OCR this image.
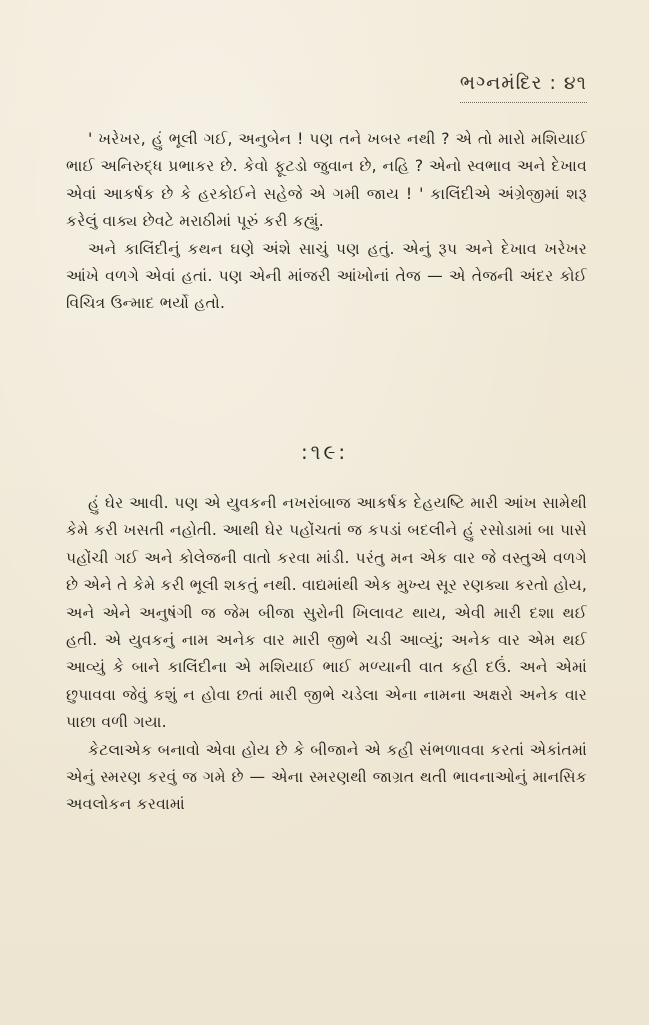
ભગ્નમંદિર : ૪૧

' ખરેખર, હું ભૂલી ગઈ, અનુબેન ! પણ તને ખબર નથી ? એ તો મારો મશિયાઈ ભાઈ અનિરુદ્ધ પ્રભાકર છે. કેવો ફૂટડો જુવાન છે, નહિ ? એનો સ્વભાવ અને દેખાવ એવાં આકર્ષક છે કે હરકોઈને સહેજે એ ગમી જાય ! ' કાલિંદીએ અંગ્રેજીમાં શરૂ કરેલું વાક્ય છેવટે મરાઠીમાં પૂરું કરી કહ્યું.

અને કાલિંદીનું કથન ઘણે અંશે સાચું પણ હતું. એનું રૂપ અને દેખાવ ખરેખર આંખે વળગે એવાં હતાં. પણ એની માંજરી આંખોનાં તેજ — એ તેજની અંદર કોઈ વિચિત્ર ઉન્માદ ભર્યો હતો.

:૧૯:

હું ઘેર આવી. પણ એ યુવકની નખરાંબાજ આકર્ષક દેહયષ્ટિ મારી આંખ સામેથી કેમે કરી ખસતી નહોતી. આથી ઘેર પહોંચતાં જ કપડાં બદલીને હું રસોડામાં બા પાસે પહોંચી ગઈ અને કોલેજની વાતો કરવા માંડી. પરંતુ મન એક વાર જે વસ્તુએ વળગે છે એને તે કેમે કરી ભૂલી શકતું નથી. વાદ્યમાંથી એક મુખ્ય સૂર રણક્યા કરતો હોય, અને એને અનુષંગી જ જેમ બીજા સુરોની ખિલાવટ થાય, એવી મારી દશા થઈ હતી. એ યુવકનું નામ અનેક વાર મારી જીભે ચડી આવ્યું; અનેક વાર એમ થઈ આવ્યું કે બાને કાલિંદીના એ મશિયાઈ ભાઈ મળ્યાની વાત કહી દઉં. અને એમાં છુપાવવા જેવું કશું ન હોવા છતાં મારી જીભે ચડેલા એના નામના અક્ષરો અનેક વાર પાછા વળી ગયા.

કેટલાએક બનાવો એવા હોય છે કે બીજાને એ કહી સંભળાવવા કરતાં એકાંતમાં એનું સ્મરણ કરવું જ ગમે છે — એના સ્મરણથી જાગ્રત થતી ભાવનાઓનું માનસિક અવલોકન કરવામાં
